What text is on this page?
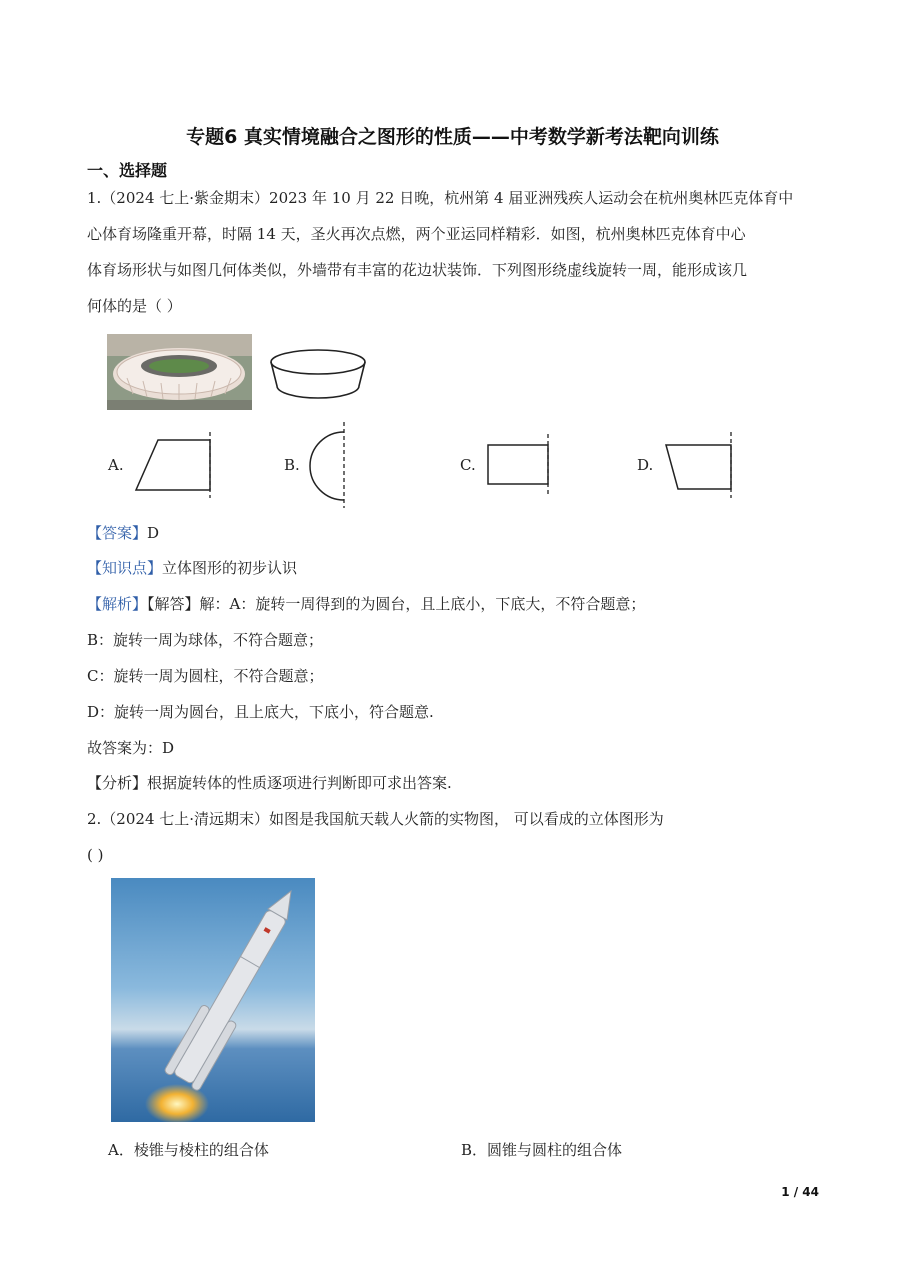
专题6 真实情境融合之图形的性质——中考数学新考法靶向训练
一、选择题
1.（2024 七上·紫金期末）2023 年 10 月 22 日晚，杭州第 4 届亚洲残疾人运动会在杭州奥林匹克体育中
心体育场隆重开幕，时隔 14 天，圣火再次点燃，两个亚运同样精彩．如图，杭州奥林匹克体育中心
体育场形状与如图几何体类似，外墙带有丰富的花边状装饰．下列图形绕虚线旋转一周，能形成该几
何体的是（ ）
A.	B.	C.	D.
【答案】D
【知识点】立体图形的初步认识
【解析】【解答】解：A：旋转一周得到的为圆台，且上底小，下底大，不符合题意；
B：旋转一周为球体，不符合题意；
C：旋转一周为圆柱，不符合题意；
D：旋转一周为圆台，且上底大，下底小，符合题意.
故答案为：D
【分析】根据旋转体的性质逐项进行判断即可求出答案.
2.（2024 七上·清远期末）如图是我国航天载人火箭的实物图， 可以看成的立体图形为
( )
A．棱锥与棱柱的组合体	B．圆锥与圆柱的组合体
1 / 44
